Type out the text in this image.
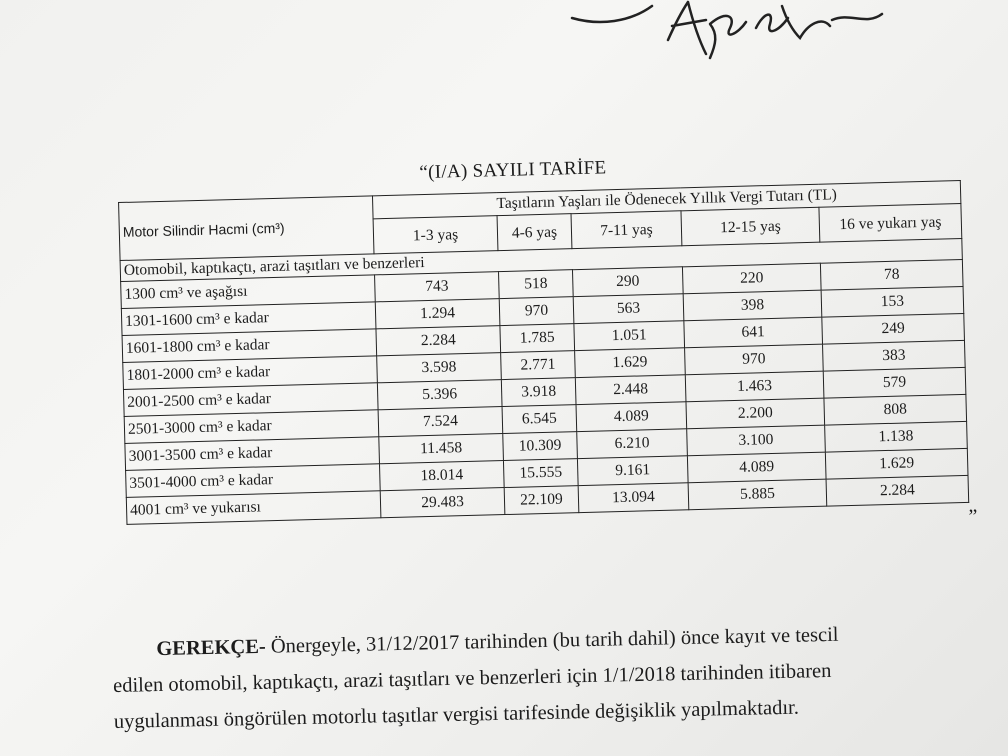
“(I/A) SAYILI TARİFE
Motor Silindir Hacmi (cm³)	Taşıtların Yaşları ile Ödenecek Yıllık Vergi Tutarı (TL)				
	1-3 yaş	4-6 yaş	7-11 yaş	12-15 yaş	16 ve yukarı yaş
Otomobil, kaptıkaçtı, arazi taşıtları ve benzerleri					
1300 cm³ ve aşağısı	743	518	290	220	78
1301-1600 cm³ e kadar	1.294	970	563	398	153
1601-1800 cm³ e kadar	2.284	1.785	1.051	641	249
1801-2000 cm³ e kadar	3.598	2.771	1.629	970	383
2001-2500 cm³ e kadar	5.396	3.918	2.448	1.463	579
2501-3000 cm³ e kadar	7.524	6.545	4.089	2.200	808
3001-3500 cm³ e kadar	11.458	10.309	6.210	3.100	1.138
3501-4000 cm³ e kadar	18.014	15.555	9.161	4.089	1.629
4001 cm³ ve yukarısı	29.483	22.109	13.094	5.885	2.284
”
GEREKÇE- Önergeyle, 31/12/2017 tarihinden (bu tarih dahil) önce kayıt ve tescil
edilen otomobil, kaptıkaçtı, arazi taşıtları ve benzerleri için 1/1/2018 tarihinden itibaren
uygulanması öngörülen motorlu taşıtlar vergisi tarifesinde değişiklik yapılmaktadır.
